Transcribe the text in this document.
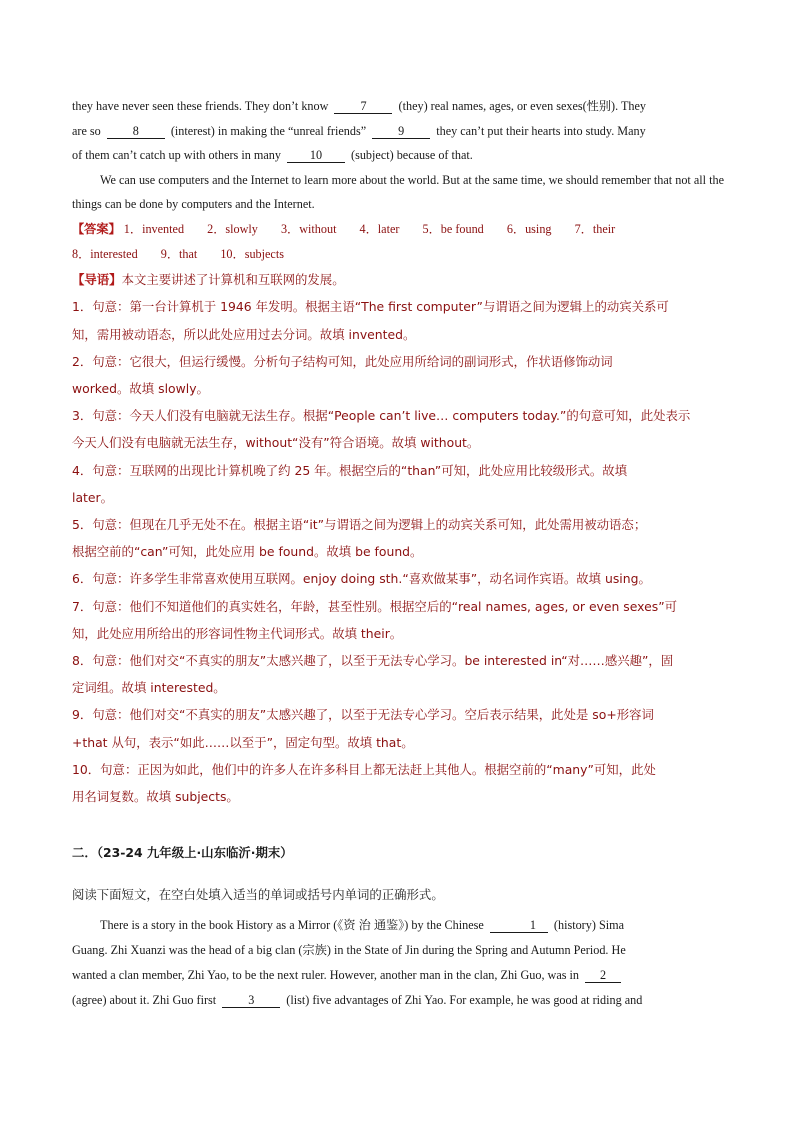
they have never seen these friends. They don’t know	7	(they) real names, ages, or even sexes(性别). They

are so	8	(interest) in making the “unreal friends”	9	they can’t put their hearts into study. Many

of them can’t catch up with others in many 10 (subject) because of that.

We can use computers and the Internet to learn more about the world. But at the same time, we should remember that not all the things can be done by computers and the Internet.

【答案】 1．invented 2．slowly 3．without 4．later 5．be found 6．using 7．their

8．interested 9．that 10．subjects

【导语】本文主要讲述了计算机和互联网的发展。

1．句意：第一台计算机于 1946 年发明。根据主语“The first computer”与谓语之间为逻辑上的动宾关系可

知，需用被动语态，所以此处应用过去分词。故填 invented。

2．句意：它很大，但运行缓慢。分析句子结构可知，此处应用所给词的副词形式，作状语修饰动词

worked。故填 slowly。

3．句意：今天人们没有电脑就无法生存。根据“People can’t live… computers today.”的句意可知，此处表示

今天人们没有电脑就无法生存，without“没有”符合语境。故填 without。

4．句意：互联网的出现比计算机晚了约 25 年。根据空后的“than”可知，此处应用比较级形式。故填

later。

5．句意：但现在几乎无处不在。根据主语“it”与谓语之间为逻辑上的动宾关系可知，此处需用被动语态；

根据空前的“can”可知，此处应用 be found。故填 be found。

6．句意：许多学生非常喜欢使用互联网。enjoy doing sth.“喜欢做某事”，动名词作宾语。故填 using。

7．句意：他们不知道他们的真实姓名，年龄，甚至性别。根据空后的“real names, ages, or even sexes”可

知，此处应用所给出的形容词性物主代词形式。故填 their。

8．句意：他们对交“不真实的朋友”太感兴趣了，以至于无法专心学习。be interested in“对……感兴趣”，固

定词组。故填 interested。

9．句意：他们对交“不真实的朋友”太感兴趣了，以至于无法专心学习。空后表示结果，此处是 so+形容词

+that 从句，表示“如此……以至于”，固定句型。故填 that。

10．句意：正因为如此，他们中的许多人在许多科目上都无法赶上其他人。根据空前的“many”可知，此处

用名词复数。故填 subjects。

二．（23-24 九年级上·山东临沂·期末）
阅读下面短文，在空白处填入适当的单词或括号内单词的正确形式。

There is a story in the book History as a Mirror (《资 治 通鉴》) by the Chinese	1 (history) Sima

Guang. Zhi Xuanzi was the head of a big clan (宗族) in the State of Jin during the Spring and Autumn Period. He

wanted a clan member, Zhi Yao, to be the next ruler. However, another man in the clan, Zhi Guo, was in 2

(agree) about it. Zhi Guo first	3	(list) five advantages of Zhi Yao. For example, he was good at riding and
